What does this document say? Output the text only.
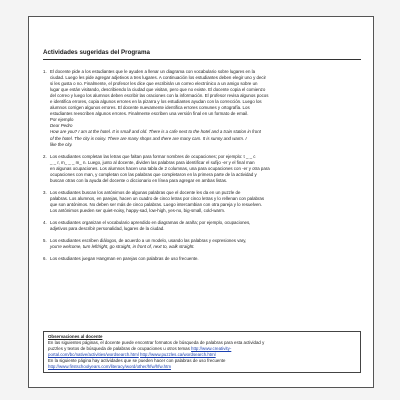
Actividades sugeridas del Programa
1. El docente pide a los estudiantes que le ayuden a llenar un diagrama con vocabulario sobre lugares en la
ciudad. Luego les pide agregar adjetivos a tres lugares. A continuación los estudiantes deben elegir uno y decir
si les gusta o no. Finalmente, el profesor les dice que escribirán un correo electrónico a un amigo sobre un
lugar que están visitando, describiendo la ciudad que visitan, pero que no existe. El docente copia el comienzo
del correo y luego los alumnos deben escribir las oraciones con la información. El profesor revisa algunos pocos
e identifica errores, copia algunos errores en la pizarra y los estudiantes ayudan con la corrección. Luego los
alumnos corrigen algunos errores. El docente nuevamente identifica errores comunes y ortografía. Los
estudiantes reescriben algunos errores. Finalmente escriben una versión final en un formato de email.
Por ejemplo
Dear Pedro
How are you? I am at the hotel. It is small and old. There is a cafe next to the hotel and a train station in front
of the hotel. The city is noisy. There are many shops and there are many cars. It is sunny and warm. I
like the city.
2. Los estudiantes completan las letras que faltan para formar nombres de ocupaciones; por ejemplo: t _ _ c
_ _ r, m_ _ _ m_ n. Luego, junto al docente, dividen las palabras para identificar el sufijo -er y el final man
en algunas ocupaciones. Los alumnos hacen una tabla de 2 columnas, una para ocupaciones con -er y otra para
ocupaciones con man, y completan con las palabras que completaron en la primera parte de la actividad y
buscan otras con la ayuda del docente o diccionario en línea para agregar en ambas listas.
3. Los estudiantes buscan los antónimos de algunas palabras que el docente les da en un puzzle de
palabras. Los alumnos, en parejas, hacen un cuadro de cinco letras por cinco letras y lo rellenan con palabras
que son antónimos. No deben ser más de cinco palabras. Luego intercambian con otra pareja y lo resuelven.
Los antónimos pueden ser quiet-noisy, happy-sad, low-high, yes-no, big-small, cold-warm.
4. Los estudiantes organizan el vocabulario aprendido en diagramas de araña; por ejemplo, ocupaciones,
adjetivos para describir personalidad, lugares de la ciudad.
5. Los estudiantes escriben diálogos, de acuerdo a un modelo, usando las palabras y expresiones vary,
you're welcome, turn left/right, go straight, in front of, next to, walk straight.
6. Los estudiantes juegan Hangman en parejas con palabras de uso frecuente.
Observaciones al docente
En las siguientes páginas, el docente puede encontrar formatos de búsqueda de palabras para esta actividad y
puzzles y textos de búsqueda de palabras de ocupaciones u otros temas http://www.creativity-
portal.com/bc/native/activities/wordsearch.html http://www.puzzles.ca/wordsearch.html
En la siguiente página hay actividades que se pueden hacer con palabras de uso frecuente
http://www.firstschoolyears.com/literacy/word/other/hfw/hfw.htm
